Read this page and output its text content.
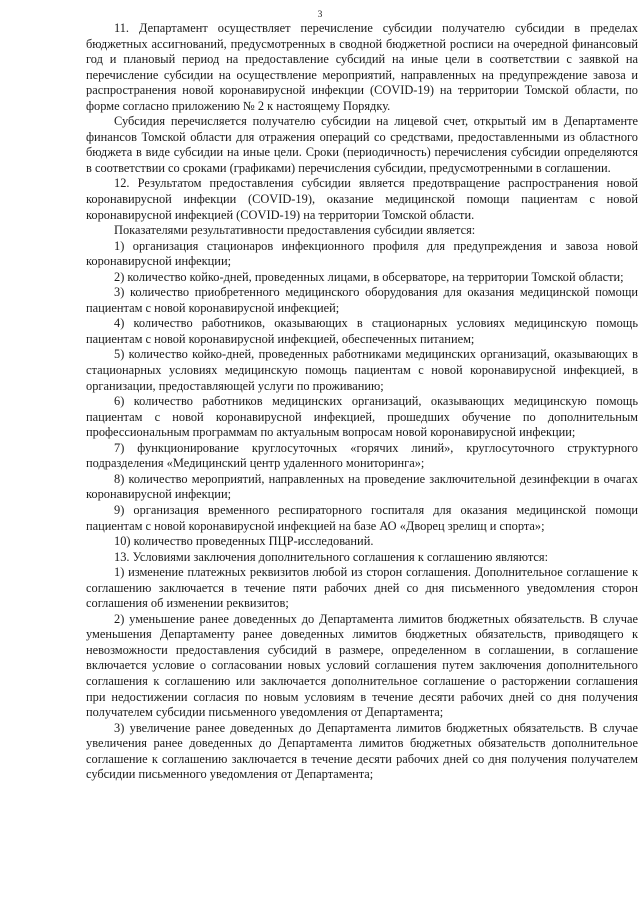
3

11. Департамент осуществляет перечисление субсидии получателю субсидии в пределах бюджетных ассигнований, предусмотренных в сводной бюджетной росписи на очередной финансовый год и плановый период на предоставление субсидий на иные цели в соответствии с заявкой на перечисление субсидии на осуществление мероприятий, направленных на предупреждение завоза и распространения новой коронавирусной инфекции (COVID-19) на территории Томской области, по форме согласно приложению № 2 к настоящему Порядку.

Субсидия перечисляется получателю субсидии на лицевой счет, открытый им в Департаменте финансов Томской области для отражения операций со средствами, предоставленными из областного бюджета в виде субсидии на иные цели. Сроки (периодичность) перечисления субсидии определяются в соответствии со сроками (графиками) перечисления субсидии, предусмотренными в соглашении.

12. Результатом предоставления субсидии является предотвращение распространения новой коронавирусной инфекции (COVID-19), оказание медицинской помощи пациентам с новой коронавирусной инфекцией (COVID-19) на территории Томской области.

Показателями результативности предоставления субсидии является:

1) организация стационаров инфекционного профиля для предупреждения и завоза новой коронавирусной инфекции;

2) количество койко-дней, проведенных лицами, в обсерваторе, на территории Томской области;

3) количество приобретенного медицинского оборудования для оказания медицинской помощи пациентам с новой коронавирусной инфекцией;

4) количество работников, оказывающих в стационарных условиях медицинскую помощь пациентам с новой коронавирусной инфекцией, обеспеченных питанием;

5) количество койко-дней, проведенных работниками медицинских организаций, оказывающих в стационарных условиях медицинскую помощь пациентам с новой коронавирусной инфекцией, в организации, предоставляющей услуги по проживанию;

6) количество работников медицинских организаций, оказывающих медицинскую помощь пациентам с новой коронавирусной инфекцией, прошедших обучение по дополнительным профессиональным программам по актуальным вопросам новой коронавирусной инфекции;

7) функционирование круглосуточных «горячих линий», круглосуточного структурного подразделения «Медицинский центр удаленного мониторинга»;

8) количество мероприятий, направленных на проведение заключительной дезинфекции в очагах коронавирусной инфекции;

9) организация временного респираторного госпиталя для оказания медицинской помощи пациентам с новой коронавирусной инфекцией на базе АО «Дворец зрелищ и спорта»;

10) количество проведенных ПЦР-исследований.

13. Условиями заключения дополнительного соглашения к соглашению являются:

1) изменение платежных реквизитов любой из сторон соглашения. Дополнительное соглашение к соглашению заключается в течение пяти рабочих дней со дня письменного уведомления сторон соглашения об изменении реквизитов;

2) уменьшение ранее доведенных до Департамента лимитов бюджетных обязательств. В случае уменьшения Департаменту ранее доведенных лимитов бюджетных обязательств, приводящего к невозможности предоставления субсидий в размере, определенном в соглашении, в соглашение включается условие о согласовании новых условий соглашения путем заключения дополнительного соглашения к соглашению или заключается дополнительное соглашение о расторжении соглашения при недостижении согласия по новым условиям в течение десяти рабочих дней со дня получения получателем субсидии письменного уведомления от Департамента;

3) увеличение ранее доведенных до Департамента лимитов бюджетных обязательств. В случае увеличения ранее доведенных до Департамента лимитов бюджетных обязательств дополнительное соглашение к соглашению заключается в течение десяти рабочих дней со дня получения получателем субсидии письменного уведомления от Департамента;
